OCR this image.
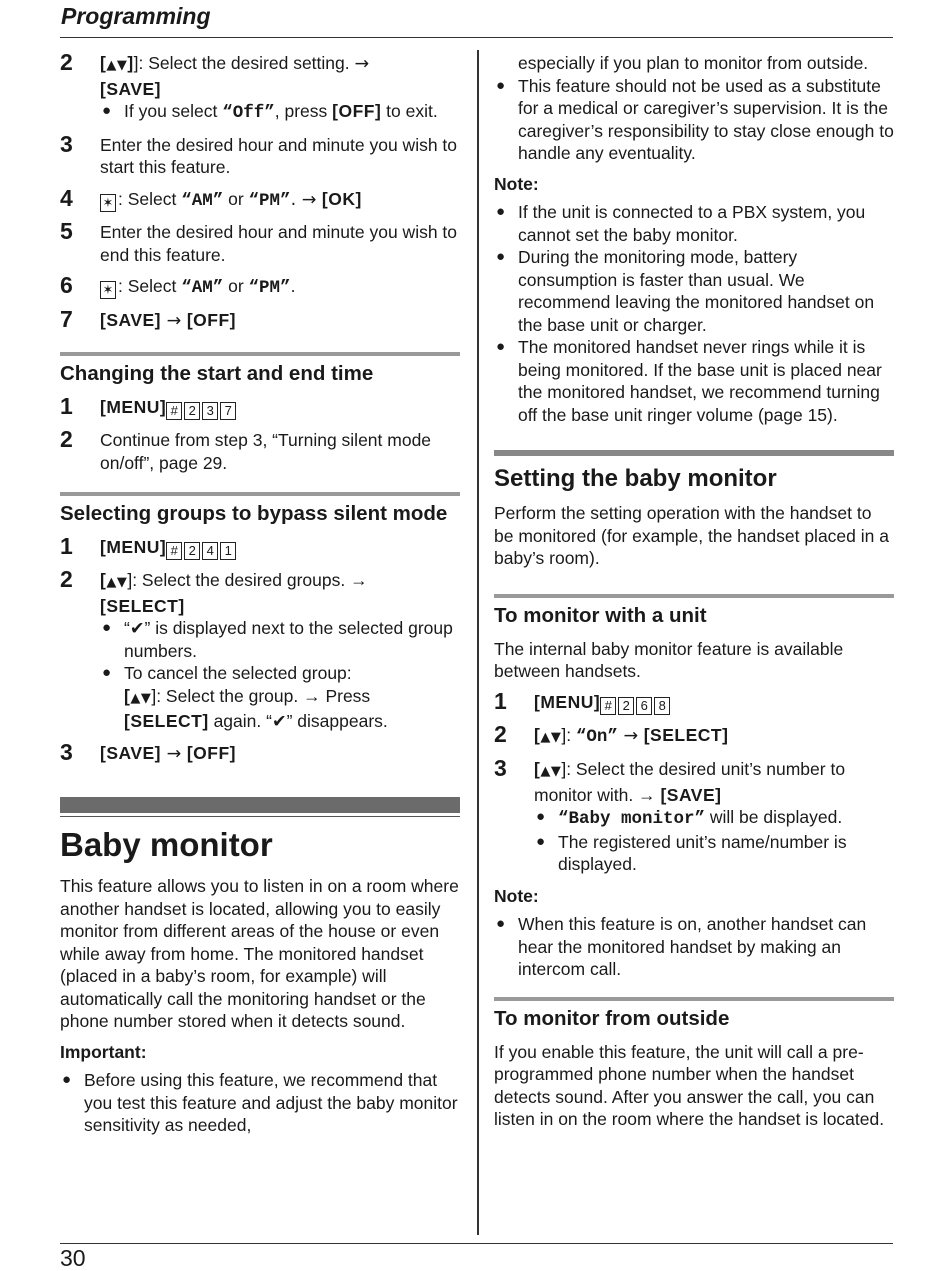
Programming
2 [▲▼]]: Select the desired setting. →
[SAVE]

● If you select “Off”, press [OFF] to exit.
3 Enter the desired hour and minute you wish to start this feature.

4 ✶ : Select “AM” or “PM”. → [OK]

5 Enter the desired hour and minute you wish to end this feature.

6 ✶ : Select “AM” or “PM”.

7 [SAVE] → [OFF]

Changing the start and end time
1 [MENU] # 2 3 7

2 Continue from step 3, “Turning silent mode on/off”, page 29.

Selecting groups to bypass silent mode
1 [MENU] # 2 4 1

2 [▲▼]: Select the desired groups. →
[SELECT]

● “✔” is displayed next to the selected group numbers.
● To cancel the selected group:
[▲▼]: Select the group. → Press
[SELECT] again. “✔” disappears.
3 [SAVE] → [OFF]

Baby monitor

This feature allows you to listen in on a room where another handset is located, allowing you to easily monitor from different areas of the house or even while away from home. The monitored handset (placed in a baby’s room, for example) will automatically call the monitoring handset or the phone number stored when it detects sound.

Important:
● Before using this feature, we recommend that you test this feature and adjust the baby monitor sensitivity as needed,
especially if you plan to monitor from outside.
● This feature should not be used as a substitute for a medical or caregiver’s supervision. It is the caregiver’s responsibility to stay close enough to handle any eventuality.
Note:
● If the unit is connected to a PBX system, you cannot set the baby monitor.
● During the monitoring mode, battery consumption is faster than usual. We recommend leaving the monitored handset on the base unit or charger.
● The monitored handset never rings while it is being monitored. If the base unit is placed near the monitored handset, we recommend turning off the base unit ringer volume (page 15).
Setting the baby monitor

Perform the setting operation with the handset to be monitored (for example, the handset placed in a baby’s room).

To monitor with a unit

The internal baby monitor feature is available between handsets.

1 [MENU] # 2 6 8

2 [▲▼]: “On” → [SELECT]

3 [▲▼]: Select the desired unit’s number to monitor with. → [SAVE]

● “Baby monitor” will be displayed.
● The registered unit’s name/number is displayed.
Note:
● When this feature is on, another handset can hear the monitored handset by making an intercom call.
To monitor from outside

If you enable this feature, the unit will call a pre-programmed phone number when the handset detects sound. After you answer the call, you can listen in on the room where the handset is located.

30
